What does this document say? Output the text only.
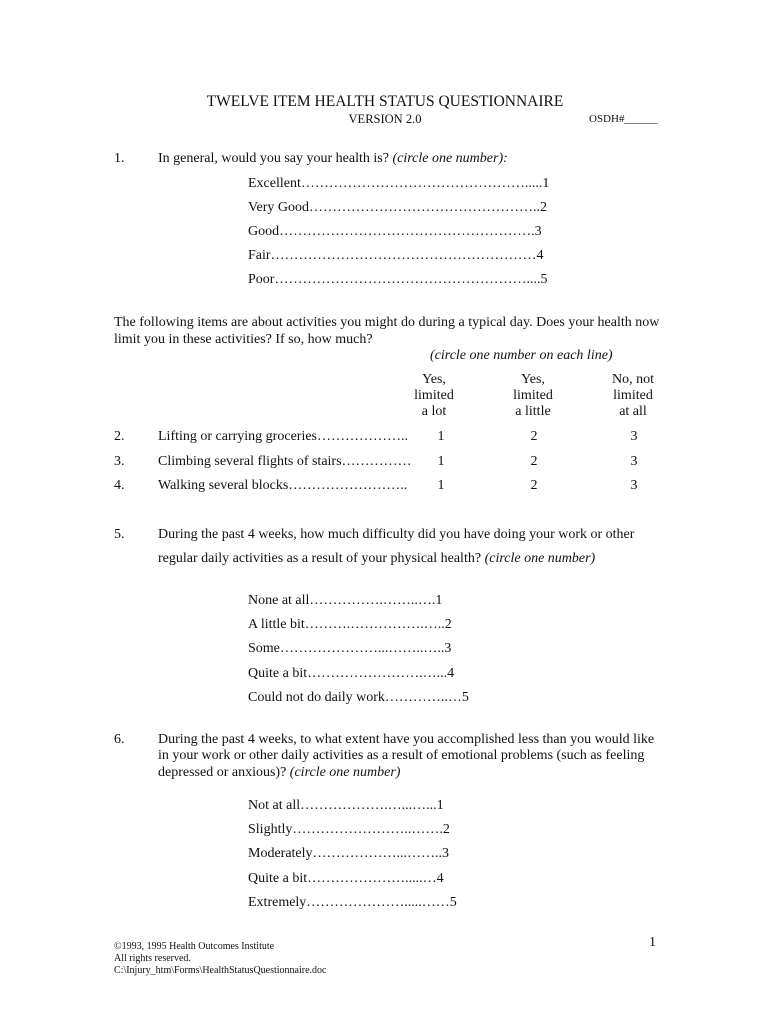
TWELVE ITEM HEALTH STATUS QUESTIONNAIRE
VERSION 2.0	OSDH#______
1. In general, would you say your health is? (circle one number):
Excellent………………………………………….....1
Very Good…………………………………………..2
Good……………………………………………….3
Fair…………………………………………………4
Poor………………………………………………....5
The following items are about activities you might do during a typical day. Does your health now
limit you in these activities? If so, how much?
(circle one number on each line)
Yes,
limited
a lot
Yes,
limited
a little
No, not
limited
at all
2. Lifting or carrying groceries………………..	1	2	3
3. Climbing several flights of stairs……………	1	2	3
4. Walking several blocks……………………..	1	2	3
5. During the past 4 weeks, how much difficulty did you have doing your work or other
regular daily activities as a result of your physical health? (circle one number)
None at all…………….……..….1
A little bit……….…………….…..2
Some…………………...……..…..3
Quite a bit…………………….…...4
Could not do daily work…………..…5
6. During the past 4 weeks, to what extent have you accomplished less than you would like
in your work or other daily activities as a result of emotional problems (such as feeling
depressed or anxious)? (circle one number)
Not at all……………….…...…...1
Slightly……………………..…….2
Moderately………………...……..3
Quite a bit………………….....…4
Extremely………………….....……5
©1993, 1995 Health Outcomes Institute
All rights reserved.
C:\Injury_htm\Forms\HealthStatusQuestionnaire.doc
1
